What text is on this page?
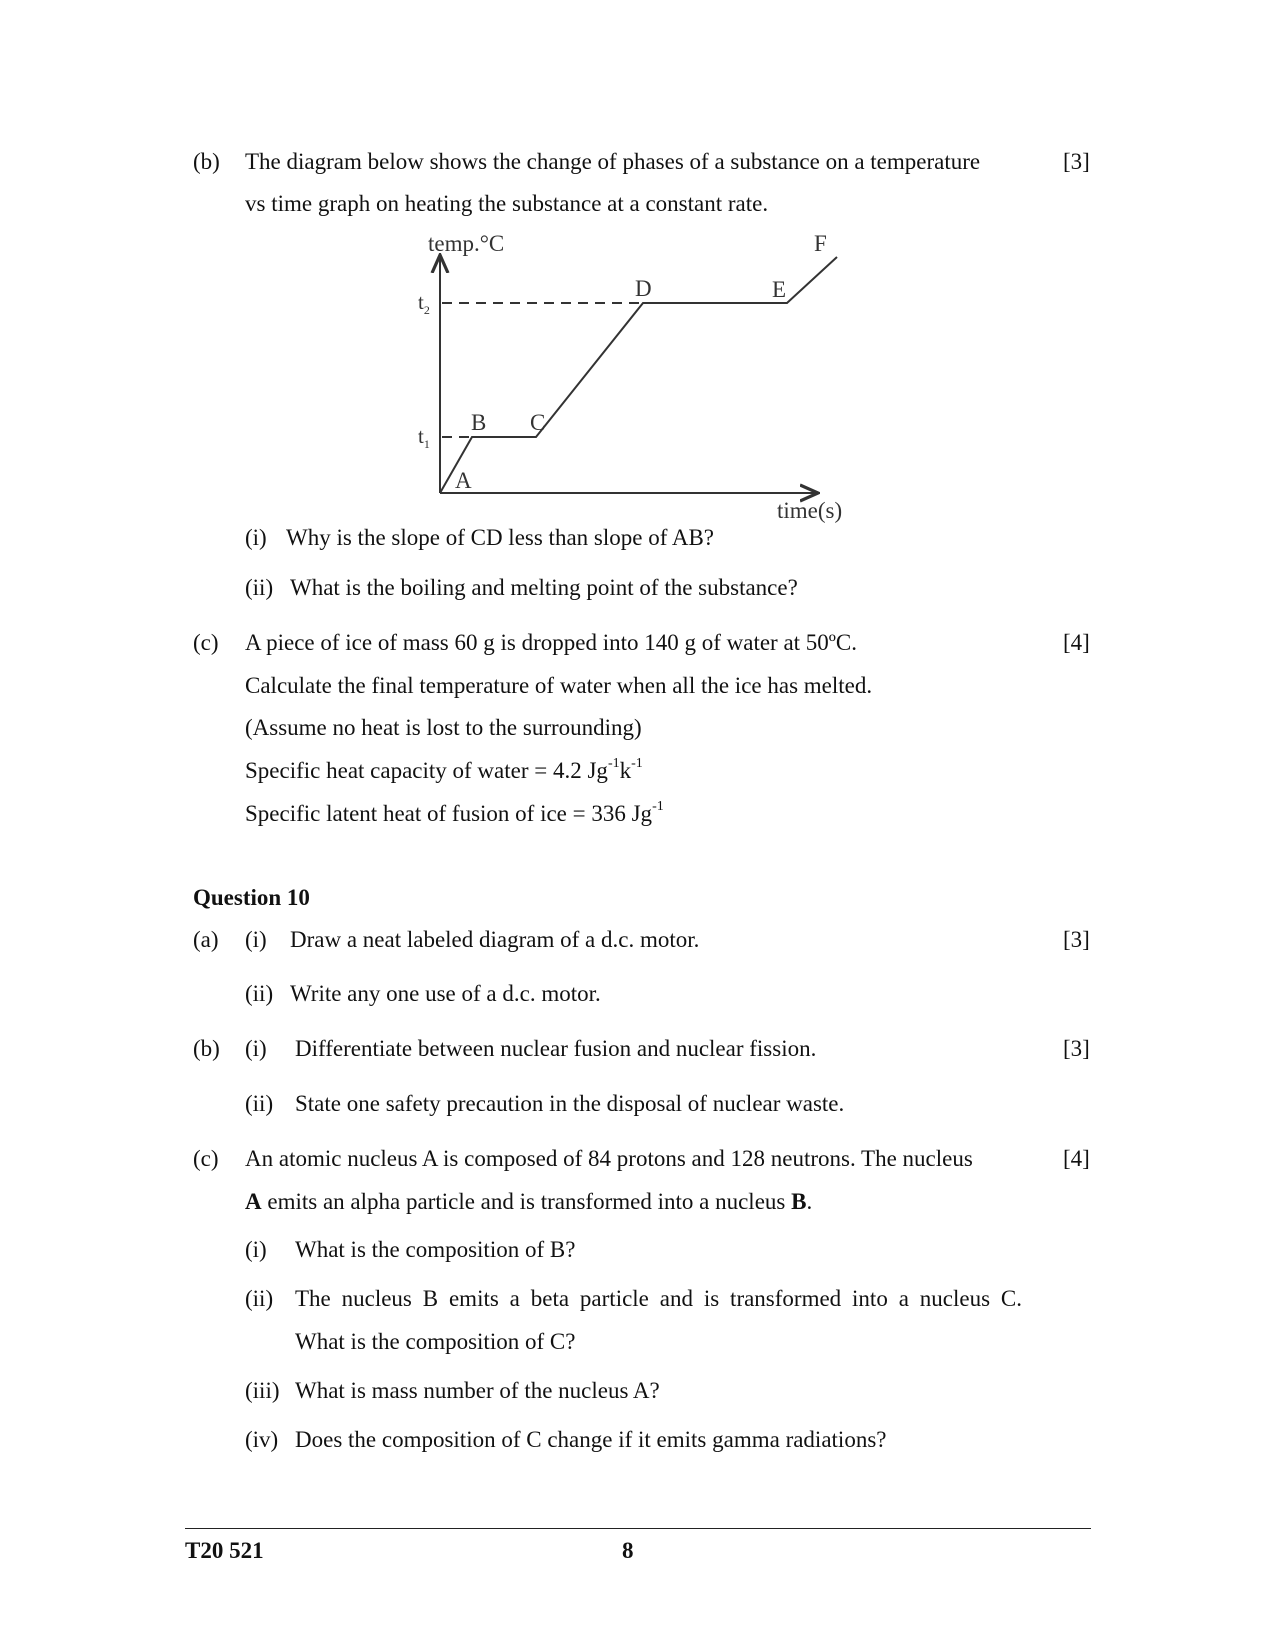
(b) The diagram below shows the change of phases of a substance on a temperature	[3]
vs time graph on heating the substance at a constant rate.
temp.°C
time(s)
$t_2$
$t_1$
A
B C
D	E
F
(i) Why is the slope of CD less than slope of AB?
(ii) What is the boiling and melting point of the substance?
(c) A piece of ice of mass 60 g is dropped into 140 g of water at 50ºC.	[4]
Calculate the final temperature of water when all the ice has melted.
(Assume no heat is lost to the surrounding)
Specific heat capacity of water = 4.2 $Jg^{-1}k^{-1}$
Specific latent heat of fusion of ice = 336 $Jg^{-1}$
Question 10
(a) (i) Draw a neat labeled diagram of a d.c. motor.	[3]
(ii) Write any one use of a d.c. motor.
(b) (i) Differentiate between nuclear fusion and nuclear fission.	[3]
(ii) State one safety precaution in the disposal of nuclear waste.
(c) An atomic nucleus A is composed of 84 protons and 128 neutrons. The nucleus	[4]
A emits an alpha particle and is transformed into a nucleus B.
(i) What is the composition of B?
(ii) The nucleus B emits a beta particle and is transformed into a nucleus C.
What is the composition of C?
(iii) What is mass number of the nucleus A?
(iv) Does the composition of C change if it emits gamma radiations?
T20 521	8
